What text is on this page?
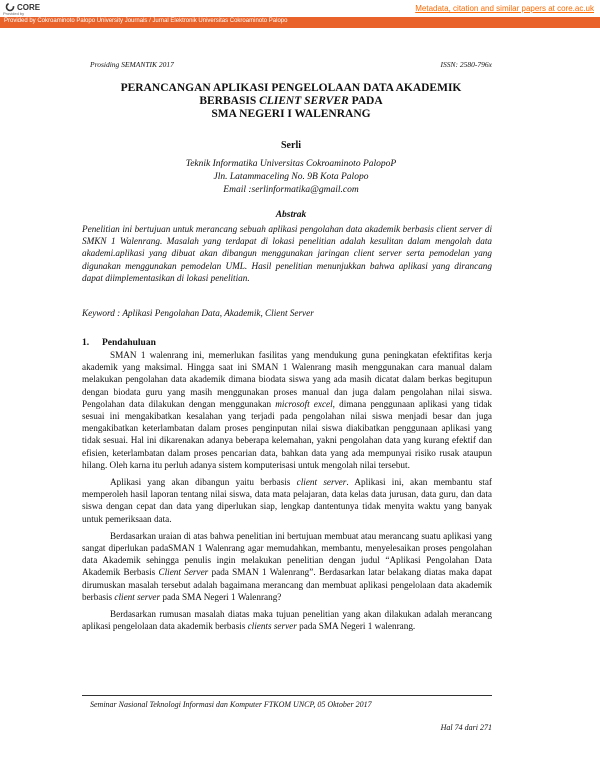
CORE
Provided by
Metadata, citation and similar papers at core.ac.uk
Provided by Cokroaminoto Palopo University Journals / Jurnal Elektronik Universitas Cokroaminoto Palopo
Prosiding SEMANTIK 2017	ISSN: 2580-796x
PERANCANGAN APLIKASI PENGELOLAAN DATA AKADEMIK
BERBASIS CLIENT SERVER PADA
SMA NEGERI I WALENRANG
Serli
Teknik Informatika Universitas Cokroaminoto PalopoP
Jln. Latammaceling No. 9B Kota Palopo
Email :serlinformatika@gmail.com
Abstrak
Penelitian ini bertujuan untuk merancang sebuah aplikasi pengolahan data akademik berbasis client server di SMKN 1 Walenrang. Masalah yang terdapat di lokasi penelitian adalah kesulitan dalam mengolah data akademi.aplikasi yang dibuat akan dibangun menggunakan jaringan client server serta pemodelan yang digunakan menggunakan pemodelan UML. Hasil penelitian menunjukkan bahwa aplikasi yang dirancang dapat diimplementasikan di lokasi penelitian.
Keyword : Aplikasi Pengolahan Data, Akademik, Client Server
1. Pendahuluan

SMAN 1 walenrang ini, memerlukan fasilitas yang mendukung guna peningkatan efektifitas kerja akademik yang maksimal. Hingga saat ini SMAN 1 Walenrang masih menggunakan cara manual dalam melakukan pengolahan data akademik dimana biodata siswa yang ada masih dicatat dalam berkas begitupun dengan biodata guru yang masih menggunakan proses manual dan juga dalam pengolahan nilai siswa. Pengolahan data dilakukan dengan menggunakan microsoft excel, dimana penggunaan aplikasi yang tidak sesuai ini mengakibatkan kesalahan yang terjadi pada pengolahan nilai siswa menjadi besar dan juga mengakibatkan keterlambatan dalam proses penginputan nilai siswa diakibatkan penggunaan aplikasi yang tidak sesuai. Hal ini dikarenakan adanya beberapa kelemahan, yakni pengolahan data yang kurang efektif dan efisien, keterlambatan dalam proses pencarian data, bahkan data yang ada mempunyai risiko rusak ataupun hilang. Oleh karna itu perluh adanya sistem komputerisasi untuk mengolah nilai tersebut.

Aplikasi yang akan dibangun yaitu berbasis client server. Aplikasi ini, akan membantu staf memperoleh hasil laporan tentang nilai siswa, data mata pelajaran, data kelas data jurusan, data guru, dan data siswa dengan cepat dan data yang diperlukan siap, lengkap dantentunya tidak menyita waktu yang banyak untuk pemeriksaan data.

Berdasarkan uraian di atas bahwa penelitian ini bertujuan membuat atau merancang suatu aplikasi yang sangat diperlukan padaSMAN 1 Walenrang agar memudahkan, membantu, menyelesaikan proses pengolahan data Akademik sehingga penulis ingin melakukan penelitian dengan judul “Aplikasi Pengolahan Data Akademik Berbasis Client Server pada SMAN 1 Walenrang”. Berdasarkan latar belakang diatas maka dapat dirumuskan masalah tersebut adalah bagaimana merancang dan membuat aplikasi pengelolaan data akademik berbasis client server pada SMA Negeri 1 Walenrang?

Berdasarkan rumusan masalah diatas maka tujuan penelitian yang akan dilakukan adalah merancang aplikasi pengelolaan data akademik berbasis clients server pada SMA Negeri 1 walenrang.

Seminar Nasional Teknologi Informasi dan Komputer FTKOM UNCP, 05 Oktober 2017
Hal 74 dari 271
